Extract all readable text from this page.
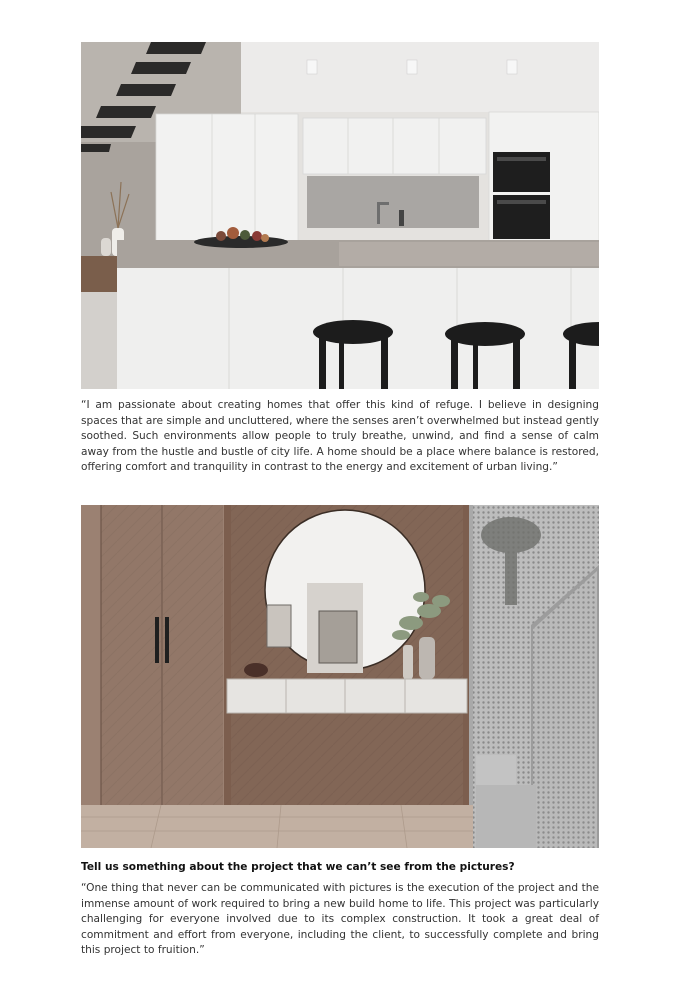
“I am passionate about creating homes that offer this kind of refuge. I believe in designing spaces that are simple and uncluttered, where the senses aren’t overwhelmed but instead gently soothed. Such environments allow people to truly breathe, unwind, and find a sense of calm away from the hustle and bustle of city life. A home should be a place where balance is restored, offering comfort and tranquility in contrast to the energy and excitement of urban living.”

Tell us something about the project that we can’t see from the pictures?

“One thing that never can be communicated with pictures is the execution of the project and the immense amount of work required to bring a new build home to life. This project was particularly challenging for everyone involved due to its complex construction. It took a great deal of commitment and effort from everyone, including the client, to successfully complete and bring this project to fruition.”
